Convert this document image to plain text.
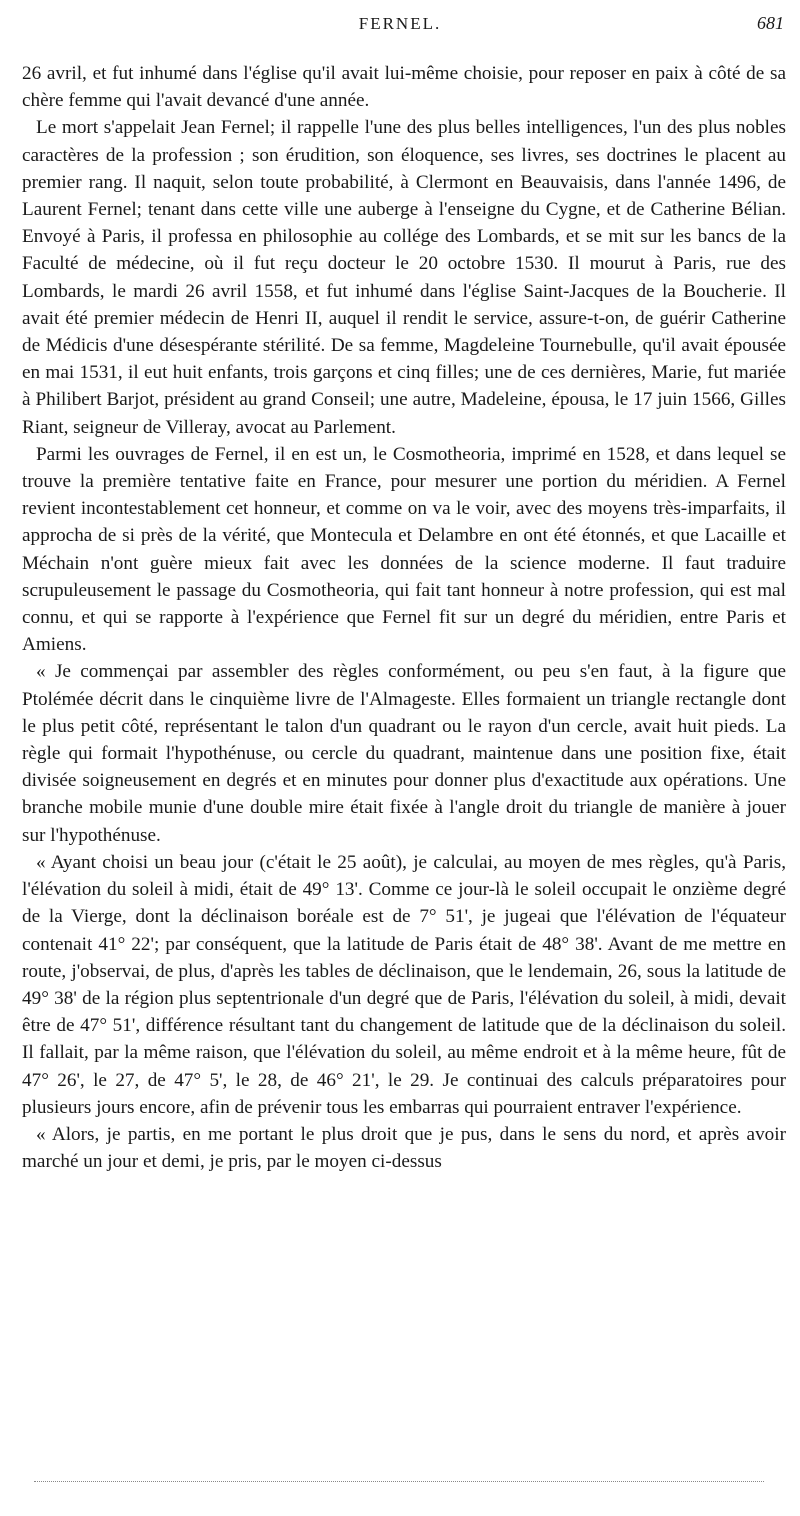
FERNEL.	681

26 avril, et fut inhumé dans l'église qu'il avait lui-même choisie, pour reposer en paix à côté de sa chère femme qui l'avait devancé d'une année.

Le mort s'appelait Jean Fernel; il rappelle l'une des plus belles intelligences, l'un des plus nobles caractères de la profession ; son érudition, son éloquence, ses livres, ses doctrines le placent au premier rang. Il naquit, selon toute probabilité, à Clermont en Beauvaisis, dans l'année 1496, de Laurent Fernel; tenant dans cette ville une auberge à l'enseigne du Cygne, et de Catherine Bélian. Envoyé à Paris, il professa en philosophie au collége des Lombards, et se mit sur les bancs de la Faculté de médecine, où il fut reçu docteur le 20 octobre 1530. Il mourut à Paris, rue des Lombards, le mardi 26 avril 1558, et fut inhumé dans l'église Saint-Jacques de la Boucherie. Il avait été premier médecin de Henri II, auquel il rendit le service, assure-t-on, de guérir Catherine de Médicis d'une désespérante stérilité. De sa femme, Magdeleine Tournebulle, qu'il avait épousée en mai 1531, il eut huit enfants, trois garçons et cinq filles; une de ces dernières, Marie, fut mariée à Philibert Barjot, président au grand Conseil; une autre, Madeleine, épousa, le 17 juin 1566, Gilles Riant, seigneur de Villeray, avocat au Parlement.

Parmi les ouvrages de Fernel, il en est un, le Cosmotheoria, imprimé en 1528, et dans lequel se trouve la première tentative faite en France, pour mesurer une portion du méridien. A Fernel revient incontestablement cet honneur, et comme on va le voir, avec des moyens très-imparfaits, il approcha de si près de la vérité, que Montecula et Delambre en ont été étonnés, et que Lacaille et Méchain n'ont guère mieux fait avec les données de la science moderne. Il faut traduire scrupuleusement le passage du Cosmotheoria, qui fait tant honneur à notre profession, qui est mal connu, et qui se rapporte à l'expérience que Fernel fit sur un degré du méridien, entre Paris et Amiens.

« Je commençai par assembler des règles conformément, ou peu s'en faut, à la figure que Ptolémée décrit dans le cinquième livre de l'Almageste. Elles formaient un triangle rectangle dont le plus petit côté, représentant le talon d'un quadrant ou le rayon d'un cercle, avait huit pieds. La règle qui formait l'hypothénuse, ou cercle du quadrant, maintenue dans une position fixe, était divisée soigneusement en degrés et en minutes pour donner plus d'exactitude aux opérations. Une branche mobile munie d'une double mire était fixée à l'angle droit du triangle de manière à jouer sur l'hypothénuse.

« Ayant choisi un beau jour (c'était le 25 août), je calculai, au moyen de mes règles, qu'à Paris, l'élévation du soleil à midi, était de 49° 13'. Comme ce jour-là le soleil occupait le onzième degré de la Vierge, dont la déclinaison boréale est de 7° 51', je jugeai que l'élévation de l'équateur contenait 41° 22'; par conséquent, que la latitude de Paris était de 48° 38'. Avant de me mettre en route, j'observai, de plus, d'après les tables de déclinaison, que le lendemain, 26, sous la latitude de 49° 38' de la région plus septentrionale d'un degré que de Paris, l'élévation du soleil, à midi, devait être de 47° 51', différence résultant tant du changement de latitude que de la déclinaison du soleil. Il fallait, par la même raison, que l'élévation du soleil, au même endroit et à la même heure, fût de 47° 26', le 27, de 47° 5', le 28, de 46° 21', le 29. Je continuai des calculs préparatoires pour plusieurs jours encore, afin de prévenir tous les embarras qui pourraient entraver l'expérience.

« Alors, je partis, en me portant le plus droit que je pus, dans le sens du nord, et après avoir marché un jour et demi, je pris, par le moyen ci-dessus
